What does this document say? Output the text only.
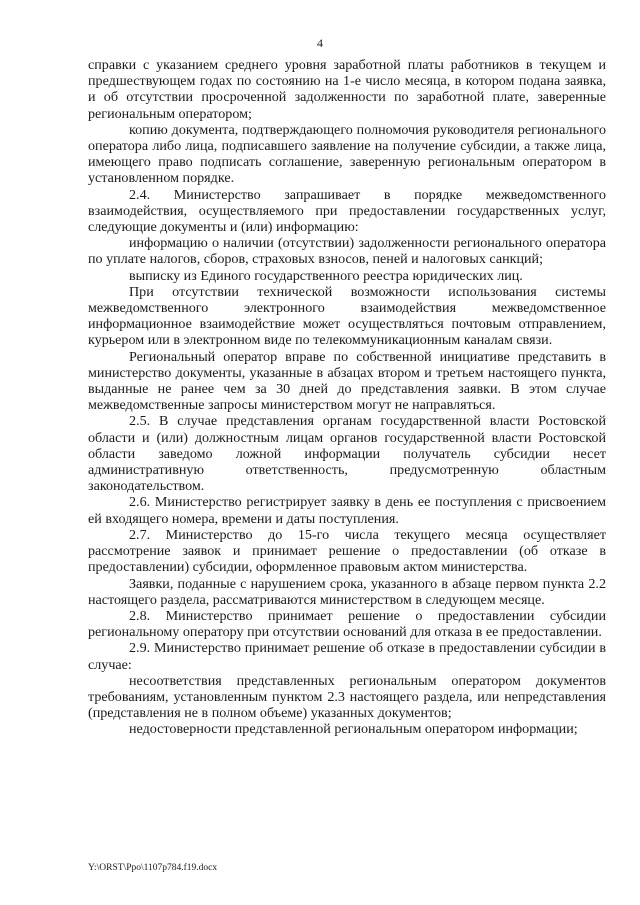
4

справки с указанием среднего уровня заработной платы работников в текущем и предшествующем годах по состоянию на 1-е число месяца, в котором подана заявка, и об отсутствии просроченной задолженности по заработной плате, заверенные региональным оператором;

копию документа, подтверждающего полномочия руководителя регионального оператора либо лица, подписавшего заявление на получение субсидии, а также лица, имеющего право подписать соглашение, заверенную региональным оператором в установленном порядке.

2.4. Министерство запрашивает в порядке межведомственного взаимодействия, осуществляемого при предоставлении государственных услуг, следующие документы и (или) информацию:

информацию о наличии (отсутствии) задолженности регионального оператора по уплате налогов, сборов, страховых взносов, пеней и налоговых санкций;

выписку из Единого государственного реестра юридических лиц.

При отсутствии технической возможности использования системы межведомственного электронного взаимодействия межведомственное информационное взаимодействие может осуществляться почтовым отправлением, курьером или в электронном виде по телекоммуникационным каналам связи.

Региональный оператор вправе по собственной инициативе представить в министерство документы, указанные в абзацах втором и третьем настоящего пункта, выданные не ранее чем за 30 дней до представления заявки. В этом случае межведомственные запросы министерством могут не направляться.

2.5. В случае представления органам государственной власти Ростовской области и (или) должностным лицам органов государственной власти Ростовской области заведомо ложной информации получатель субсидии несет административную ответственность, предусмотренную областным законодательством.

2.6. Министерство регистрирует заявку в день ее поступления с присвоением ей входящего номера, времени и даты поступления.

2.7. Министерство до 15-го числа текущего месяца осуществляет рассмотрение заявок и принимает решение о предоставлении (об отказе в предоставлении) субсидии, оформленное правовым актом министерства.

Заявки, поданные с нарушением срока, указанного в абзаце первом пункта 2.2 настоящего раздела, рассматриваются министерством в следующем месяце.

2.8. Министерство принимает решение о предоставлении субсидии региональному оператору при отсутствии оснований для отказа в ее предоставлении.

2.9. Министерство принимает решение об отказе в предоставлении субсидии в случае:

несоответствия представленных региональным оператором документов требованиям, установленным пунктом 2.3 настоящего раздела, или непредставления (представления не в полном объеме) указанных документов;

недостоверности представленной региональным оператором информации;

Y:\ORST\Ppo\1107p784.f19.docx
